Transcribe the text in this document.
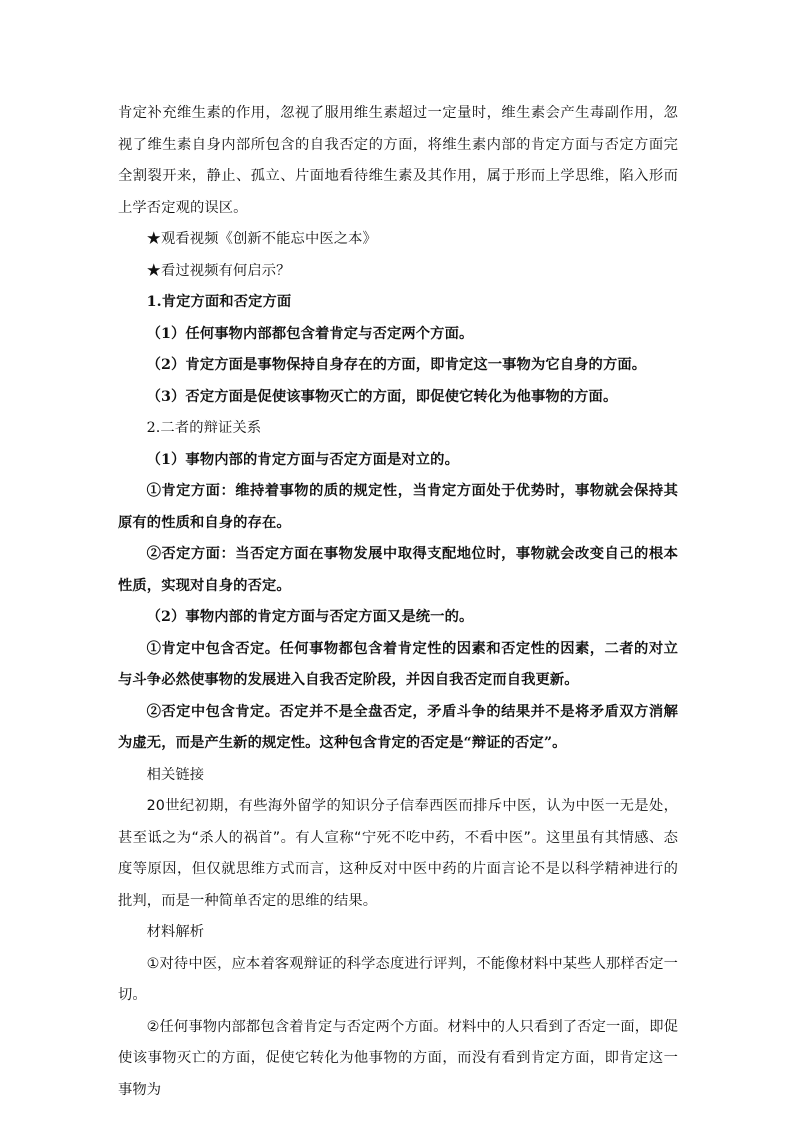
肯定补充维生素的作用，忽视了服用维生素超过一定量时，维生素会产生毒副作用，忽视了维生素自身内部所包含的自我否定的方面，将维生素内部的肯定方面与否定方面完全割裂开来，静止、孤立、片面地看待维生素及其作用，属于形而上学思维，陷入形而上学否定观的误区。

★观看视频《创新不能忘中医之本》

★看过视频有何启示？

1.肯定方面和否定方面

（1）任何事物内部都包含着肯定与否定两个方面。

（2）肯定方面是事物保持自身存在的方面，即肯定这一事物为它自身的方面。

（3）否定方面是促使该事物灭亡的方面，即促使它转化为他事物的方面。

2.二者的辩证关系

（1）事物内部的肯定方面与否定方面是对立的。

①肯定方面：维持着事物的质的规定性，当肯定方面处于优势时，事物就会保持其原有的性质和自身的存在。

②否定方面：当否定方面在事物发展中取得支配地位时，事物就会改变自己的根本性质，实现对自身的否定。

（2）事物内部的肯定方面与否定方面又是统一的。

①肯定中包含否定。任何事物都包含着肯定性的因素和否定性的因素，二者的对立与斗争必然使事物的发展进入自我否定阶段，并因自我否定而自我更新。

②否定中包含肯定。否定并不是全盘否定，矛盾斗争的结果并不是将矛盾双方消解为虚无，而是产生新的规定性。这种包含肯定的否定是“辩证的否定”。

相关链接

20世纪初期，有些海外留学的知识分子信奉西医而排斥中医，认为中医一无是处，甚至诋之为“杀人的祸首”。有人宣称“宁死不吃中药，不看中医”。这里虽有其情感、态度等原因，但仅就思维方式而言，这种反对中医中药的片面言论不是以科学精神进行的批判，而是一种简单否定的思维的结果。

材料解析

①对待中医，应本着客观辩证的科学态度进行评判，不能像材料中某些人那样否定一切。

②任何事物内部都包含着肯定与否定两个方面。材料中的人只看到了否定一面，即促使该事物灭亡的方面，促使它转化为他事物的方面，而没有看到肯定方面，即肯定这一事物为
